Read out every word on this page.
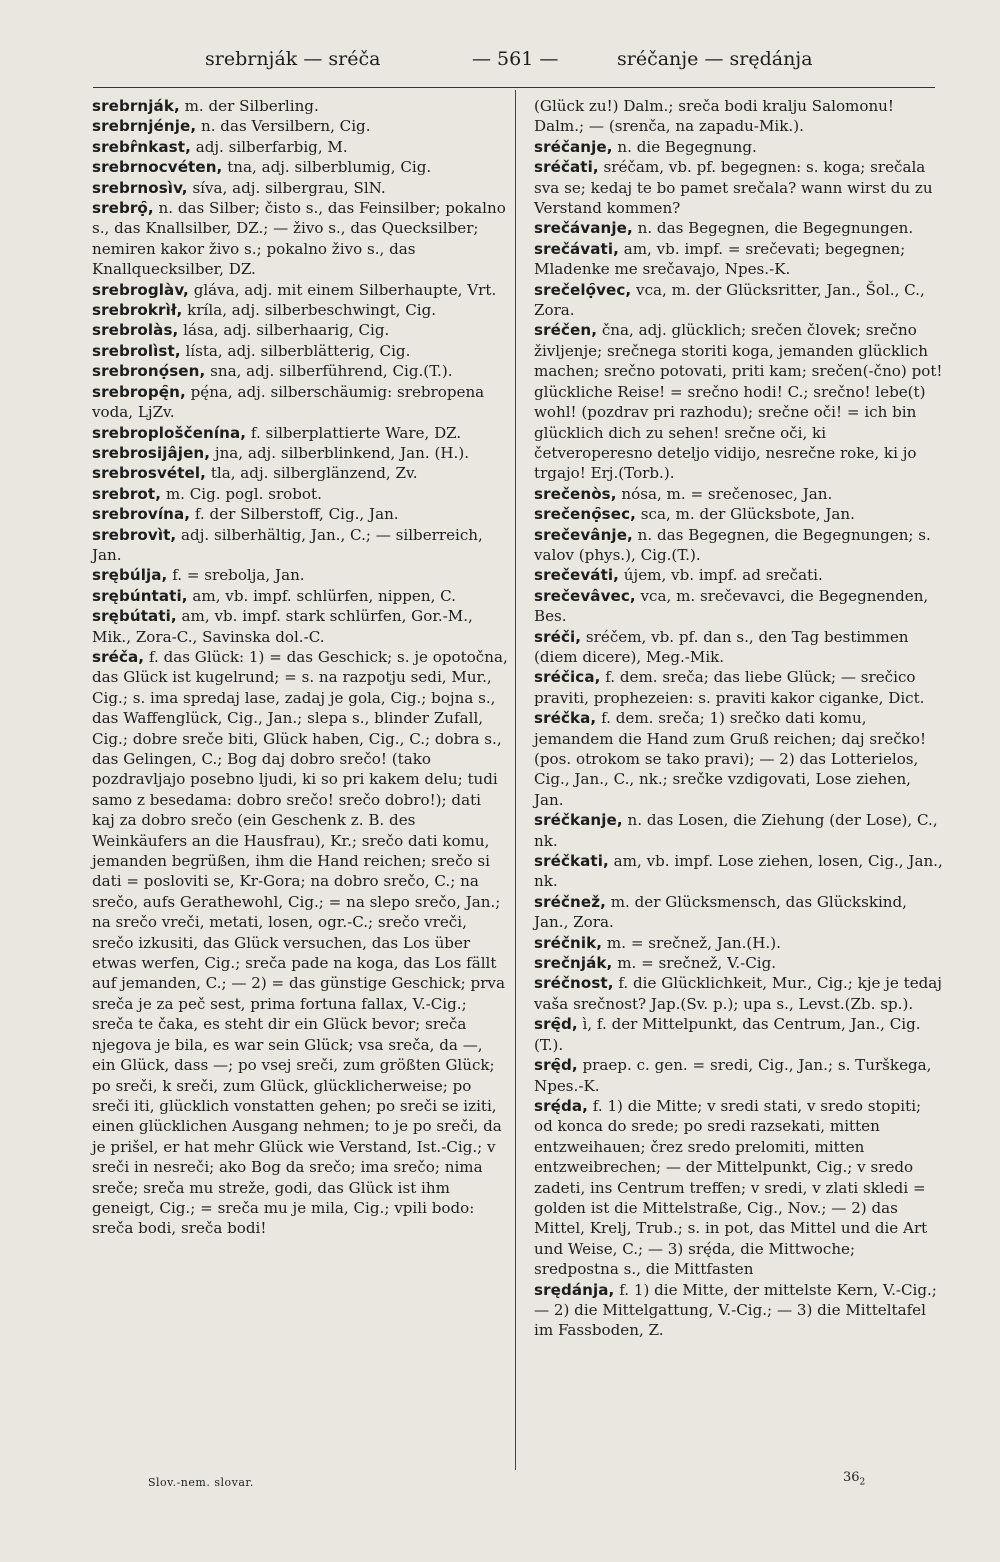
srebrnják — sréča	— 561 —	sréčanje — srędánja

srebrnják, m. der Silberling.

srebrnjénje, n. das Versilbern, Cig.

srebr̂nkast, adj. silberfarbig, M.

srebrnocvéten, tna, adj. silberblumig, Cig.

srebrnosìv, síva, adj. silbergrau, SlN.

srebrọ̑, n. das Silber; čisto s., das Feinsilber; pokalno s., das Knallsilber, DZ.; — živo s., das Quecksilber; nemiren kakor živo s.; pokalno živo s., das Knallquecksilber, DZ.

srebroglàv, gláva, adj. mit einem Silberhaupte, Vrt.

srebrokrìł, kríla, adj. silberbeschwingt, Cig.

srebrolàs, lása, adj. silberhaarig, Cig.

srebrolìst, lísta, adj. silberblätterig, Cig.

srebronọ́sen, sna, adj. silberführend, Cig.(T.).

srebropę̑n, pę́na, adj. silberschäumig: srebropena voda, LjZv.

srebroploščenína, f. silberplattierte Ware, DZ.

srebrosijâjen, jna, adj. silberblinkend, Jan. (H.).

srebrosvétel, tla, adj. silberglänzend, Zv.

srebrot, m. Cig. pogl. srobot.

srebrovína, f. der Silberstoff, Cig., Jan.

srebrovìt, adj. silberhältig, Jan., C.; — silberreich, Jan.

srębúlja, f. = srebolja, Jan.

srębúntati, am, vb. impf. schlürfen, nippen, C.

srębútati, am, vb. impf. stark schlürfen, Gor.-M., Mik., Zora-C., Savinska dol.-C.

sréča, f. das Glück: 1) = das Geschick; s. je opotočna, das Glück ist kugelrund; = s. na razpotju sedi, Mur., Cig.; s. ima spredaj lase, zadaj je gola, Cig.; bojna s., das Waffenglück, Cig., Jan.; slepa s., blinder Zufall, Cig.; dobre sreče biti, Glück haben, Cig., C.; dobra s., das Gelingen, C.; Bog daj dobro srečo! (tako pozdravljajo posebno ljudi, ki so pri kakem delu; tudi samo z besedama: dobro srečo! srečo dobro!); dati kaj za dobro srečo (ein Geschenk z. B. des Weinkäufers an die Hausfrau), Kr.; srečo dati komu, jemanden begrüßen, ihm die Hand reichen; srečo si dati = posloviti se, Kr-Gora; na dobro srečo, C.; na srečo, aufs Gerathewohl, Cig.; = na slepo srečo, Jan.; na srečo vreči, metati, losen, ogr.-C.; srečo vreči, srečo izkusiti, das Glück versuchen, das Los über etwas werfen, Cig.; sreča pade na koga, das Los fällt auf jemanden, C.; — 2) = das günstige Geschick; prva sreča je za peč sest, prima fortuna fallax, V.-Cig.; sreča te čaka, es steht dir ein Glück bevor; sreča njegova je bila, es war sein Glück; vsa sreča, da —, ein Glück, dass —; po vsej sreči, zum größten Glück; po sreči, k sreči, zum Glück, glücklicherweise; po sreči iti, glücklich vonstatten gehen; po sreči se iziti, einen glücklichen Ausgang nehmen; to je po sreči, da je prišel, er hat mehr Glück wie Verstand, Ist.-Cig.; v sreči in nesreči; ako Bog da srečo; ima srečo; nima sreče; sreča mu streže, godi, das Glück ist ihm geneigt, Cig.; = sreča mu je mila, Cig.; vpili bodo: sreča bodi, sreča bodi!

(Glück zu!) Dalm.; sreča bodi kralju Salomonu! Dalm.; — (srenča, na zapadu-Mik.).

sréčanje, n. die Begegnung.

sréčati, sréčam, vb. pf. begegnen: s. koga; srečala sva se; kedaj te bo pamet srečala? wann wirst du zu Verstand kommen?

srečávanje, n. das Begegnen, die Begegnungen.

srečávati, am, vb. impf. = srečevati; begegnen; Mladenke me srečavajo, Npes.-K.

srečelọ̑vec, vca, m. der Glücksritter, Jan., Šol., C., Zora.

sréčen, čna, adj. glücklich; srečen človek; srečno življenje; srečnega storiti koga, jemanden glücklich machen; srečno potovati, priti kam; srečen(-čno) pot! glückliche Reise! = srečno hodi! C.; srečno! lebe(t) wohl! (pozdrav pri razhodu); srečne oči! = ich bin glücklich dich zu sehen! srečne oči, ki četveroperesno deteljo vidijo, nesrečne roke, ki jo trgajo! Erj.(Torb.).

srečenòs, nósa, m. = srečenosec, Jan.

srečenọ̑sec, sca, m. der Glücksbote, Jan.

srečevânje, n. das Begegnen, die Begegnungen; s. valov (phys.), Cig.(T.).

srečeváti, újem, vb. impf. ad srečati.

srečevâvec, vca, m. srečevavci, die Begegnenden, Bes.

sréči, sréčem, vb. pf. dan s., den Tag bestimmen (diem dicere), Meg.-Mik.

sréčica, f. dem. sreča; das liebe Glück; — srečico praviti, prophezeien: s. praviti kakor ciganke, Dict.

sréčka, f. dem. sreča; 1) srečko dati komu, jemandem die Hand zum Gruß reichen; daj srečko! (pos. otrokom se tako pravi); — 2) das Lotterielos, Cig., Jan., C., nk.; srečke vzdigovati, Lose ziehen, Jan.

sréčkanje, n. das Losen, die Ziehung (der Lose), C., nk.

sréčkati, am, vb. impf. Lose ziehen, losen, Cig., Jan., nk.

sréčnež, m. der Glücksmensch, das Glückskind, Jan., Zora.

sréčnik, m. = srečnež, Jan.(H.).

srečnják, m. = srečnež, V.-Cig.

sréčnost, f. die Glücklichkeit, Mur., Cig.; kje je tedaj vaša srečnost? Jap.(Sv. p.); upa s., Levst.(Zb. sp.).

srę̑d, ì, f. der Mittelpunkt, das Centrum, Jan., Cig.(T.).

srę̑d, praep. c. gen. = sredi, Cig., Jan.; s. Turškega, Npes.-K.

srę́da, f. 1) die Mitte; v sredi stati, v sredo stopiti; od konca do srede; po sredi razsekati, mitten entzweihauen; črez sredo prelomiti, mitten entzweibrechen; — der Mittelpunkt, Cig.; v sredo zadeti, ins Centrum treffen; v sredi, v zlati skledi = golden ist die Mittelstraße, Cig., Nov.; — 2) das Mittel, Krelj, Trub.; s. in pot, das Mittel und die Art und Weise, C.; — 3) srę́da, die Mittwoche; sredpostna s., die Mittfasten

srędánja, f. 1) die Mitte, der mittelste Kern, V.-Cig.; — 2) die Mittelgattung, V.-Cig.; — 3) die Mitteltafel im Fassboden, Z.

Slov.-nem. slovar.	$36_2$
